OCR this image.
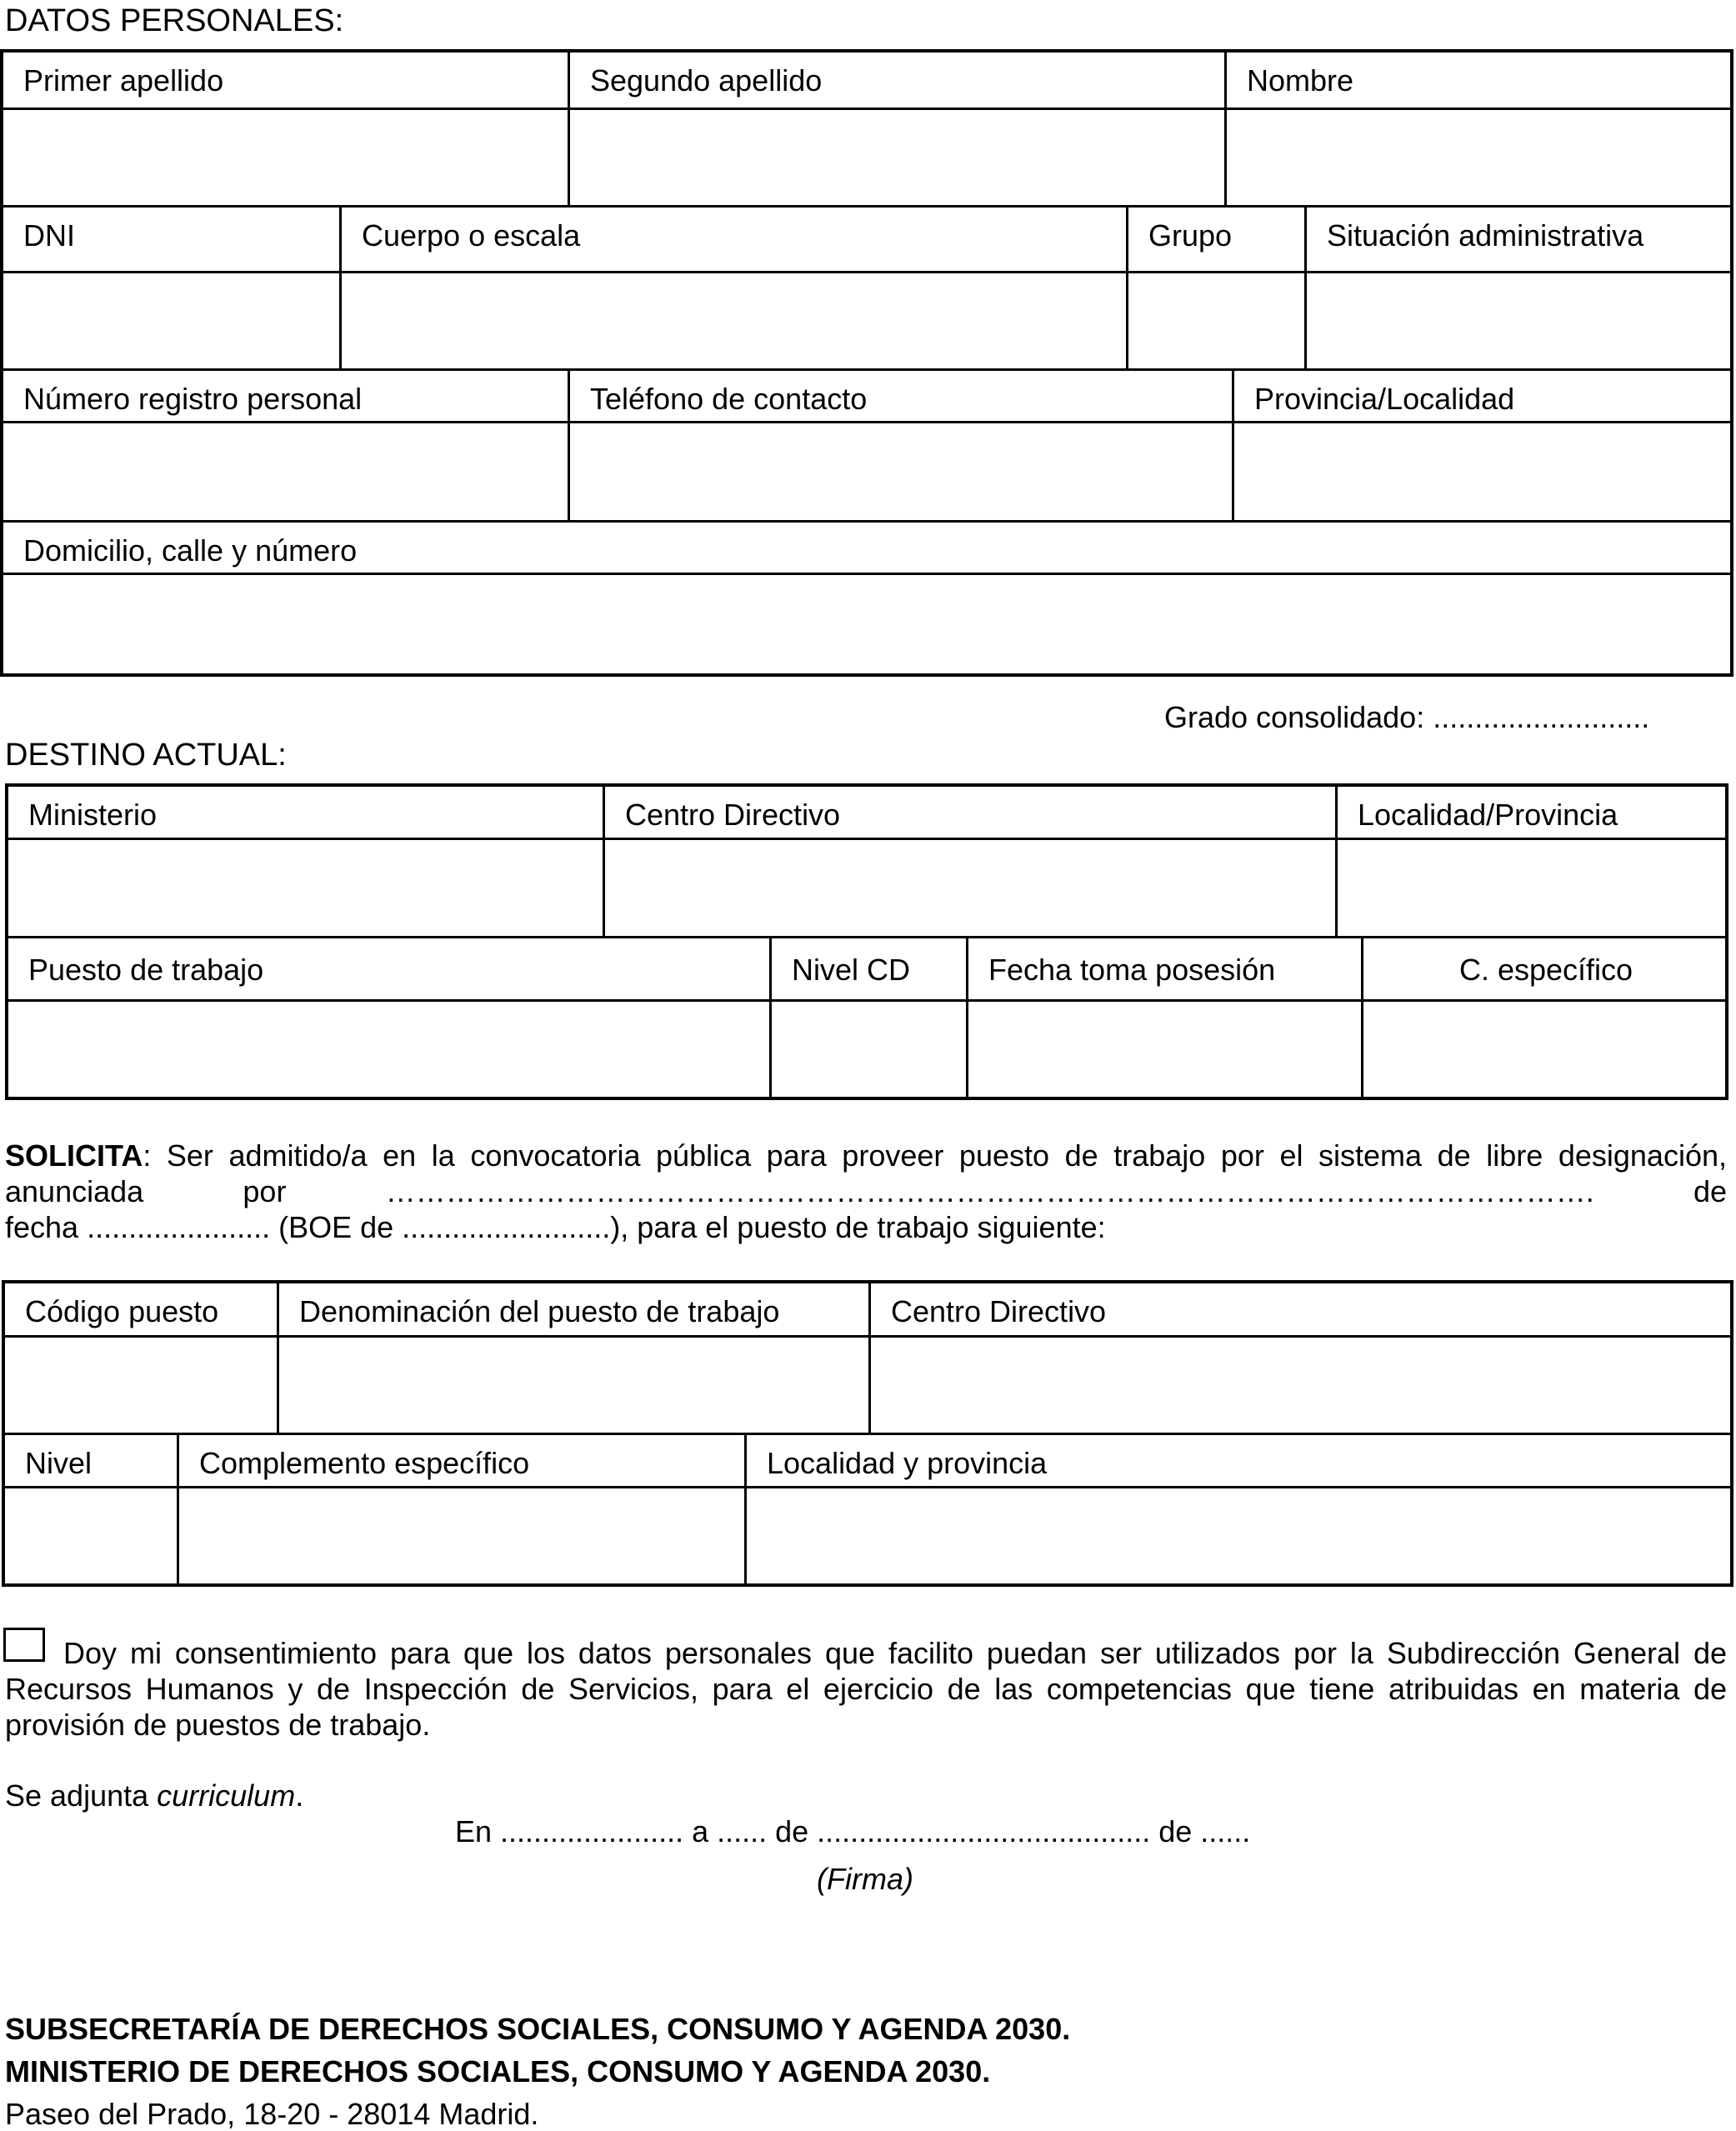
DATOS PERSONALES:
Primer apellido	Segundo apellido	Nombre
DNI	Cuerpo o escala	Grupo	Situación administrativa
Número registro personal	Teléfono de contacto	Provincia/Localidad
Domicilio, calle y número
Grado consolidado: ..........................
DESTINO ACTUAL:
Ministerio	Centro Directivo	Localidad/Provincia
Puesto de trabajo	Nivel CD	Fecha toma posesión	C. específico
SOLICITA: Ser admitido/a en la convocatoria pública para proveer puesto de trabajo por el sistema de libre designación,
anunciada por …………………………………………………………………………………………………………. de
fecha ...................... (BOE de .........................), para el puesto de trabajo siguiente:
Código puesto	Denominación del puesto de trabajo	Centro Directivo
Nivel	Complemento específico	Localidad y provincia
Doy mi consentimiento para que los datos personales que facilito puedan ser utilizados por la Subdirección General de Recursos Humanos y de Inspección de Servicios, para el ejercicio de las competencias que tiene atribuidas en materia de provisión de puestos de trabajo.
Se adjunta curriculum.
En ...................... a ...... de ........................................ de ......
(Firma)
SUBSECRETARÍA DE DERECHOS SOCIALES, CONSUMO Y AGENDA 2030.
MINISTERIO DE DERECHOS SOCIALES, CONSUMO Y AGENDA 2030.
Paseo del Prado, 18-20 - 28014 Madrid.
